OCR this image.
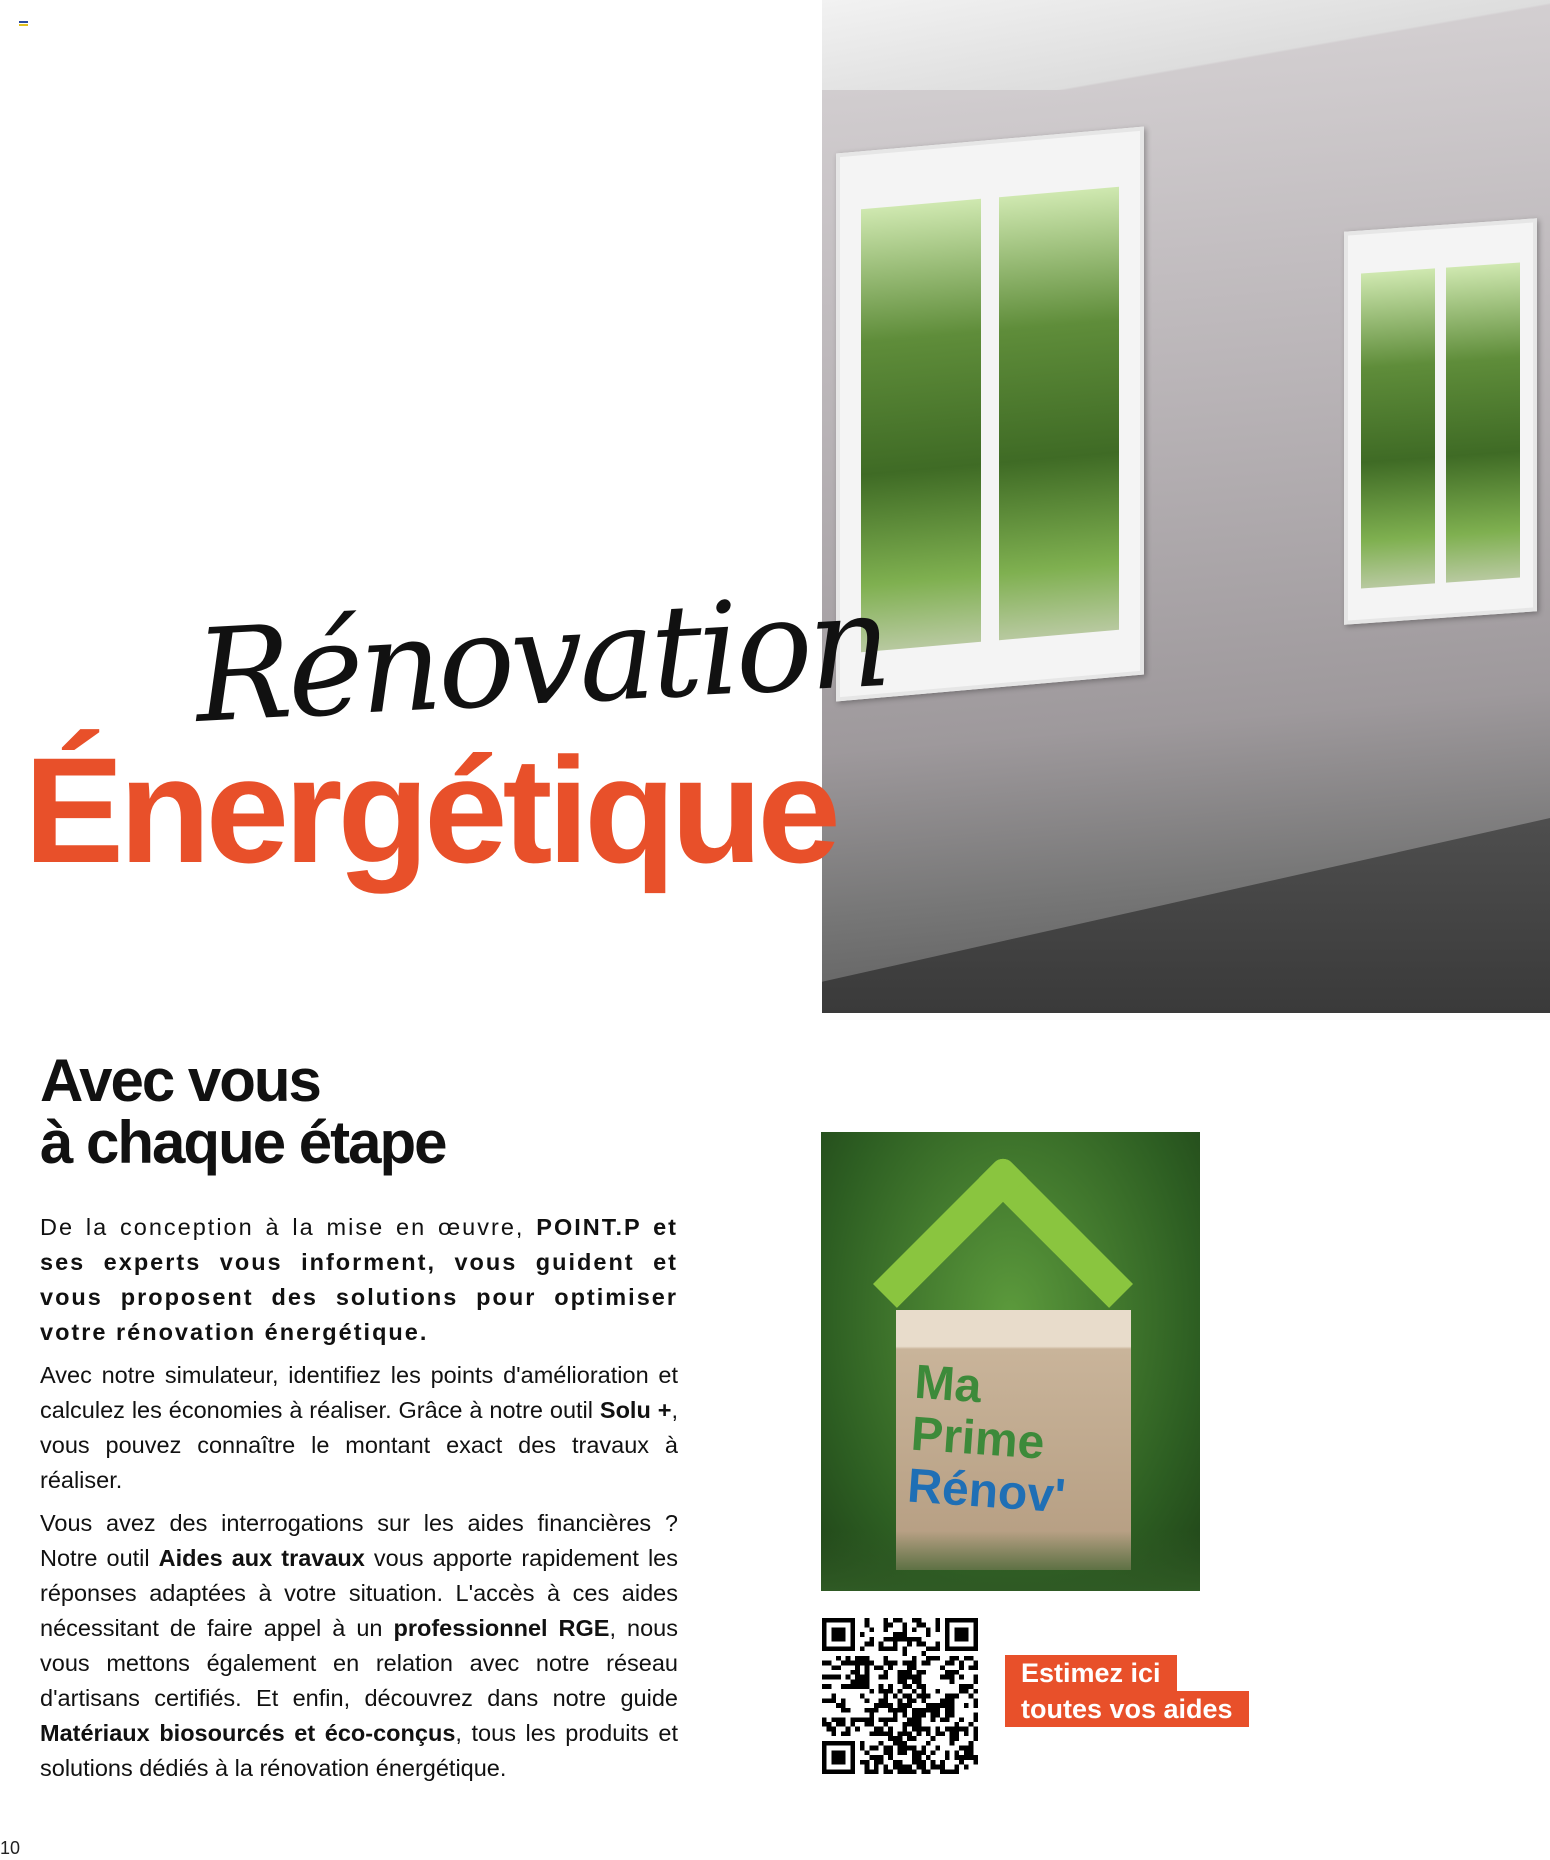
Rénovation
Énergétique
Avec vous
à chaque étape

De la conception à la mise en œuvre, POINT.P et ses experts vous informent, vous guident et vous proposent des solutions pour optimiser votre rénovation énergétique.

Avec notre simulateur, identifiez les points d'amélioration et calculez les économies à réaliser. Grâce à notre outil Solu +, vous pouvez connaître le montant exact des travaux à réaliser.

Vous avez des interrogations sur les aides financières ? Notre outil Aides aux travaux vous apporte rapidement les réponses adaptées à votre situation. L'accès à ces aides nécessitant de faire appel à un professionnel RGE, nous vous mettons également en relation avec notre réseau d'artisans certifiés. Et enfin, découvrez dans notre guide Matériaux biosourcés et éco-conçus, tous les produits et solutions dédiés à la rénovation énergétique.

Ma
Prime
Rénov'
Estimez ici
toutes vos aides
10
